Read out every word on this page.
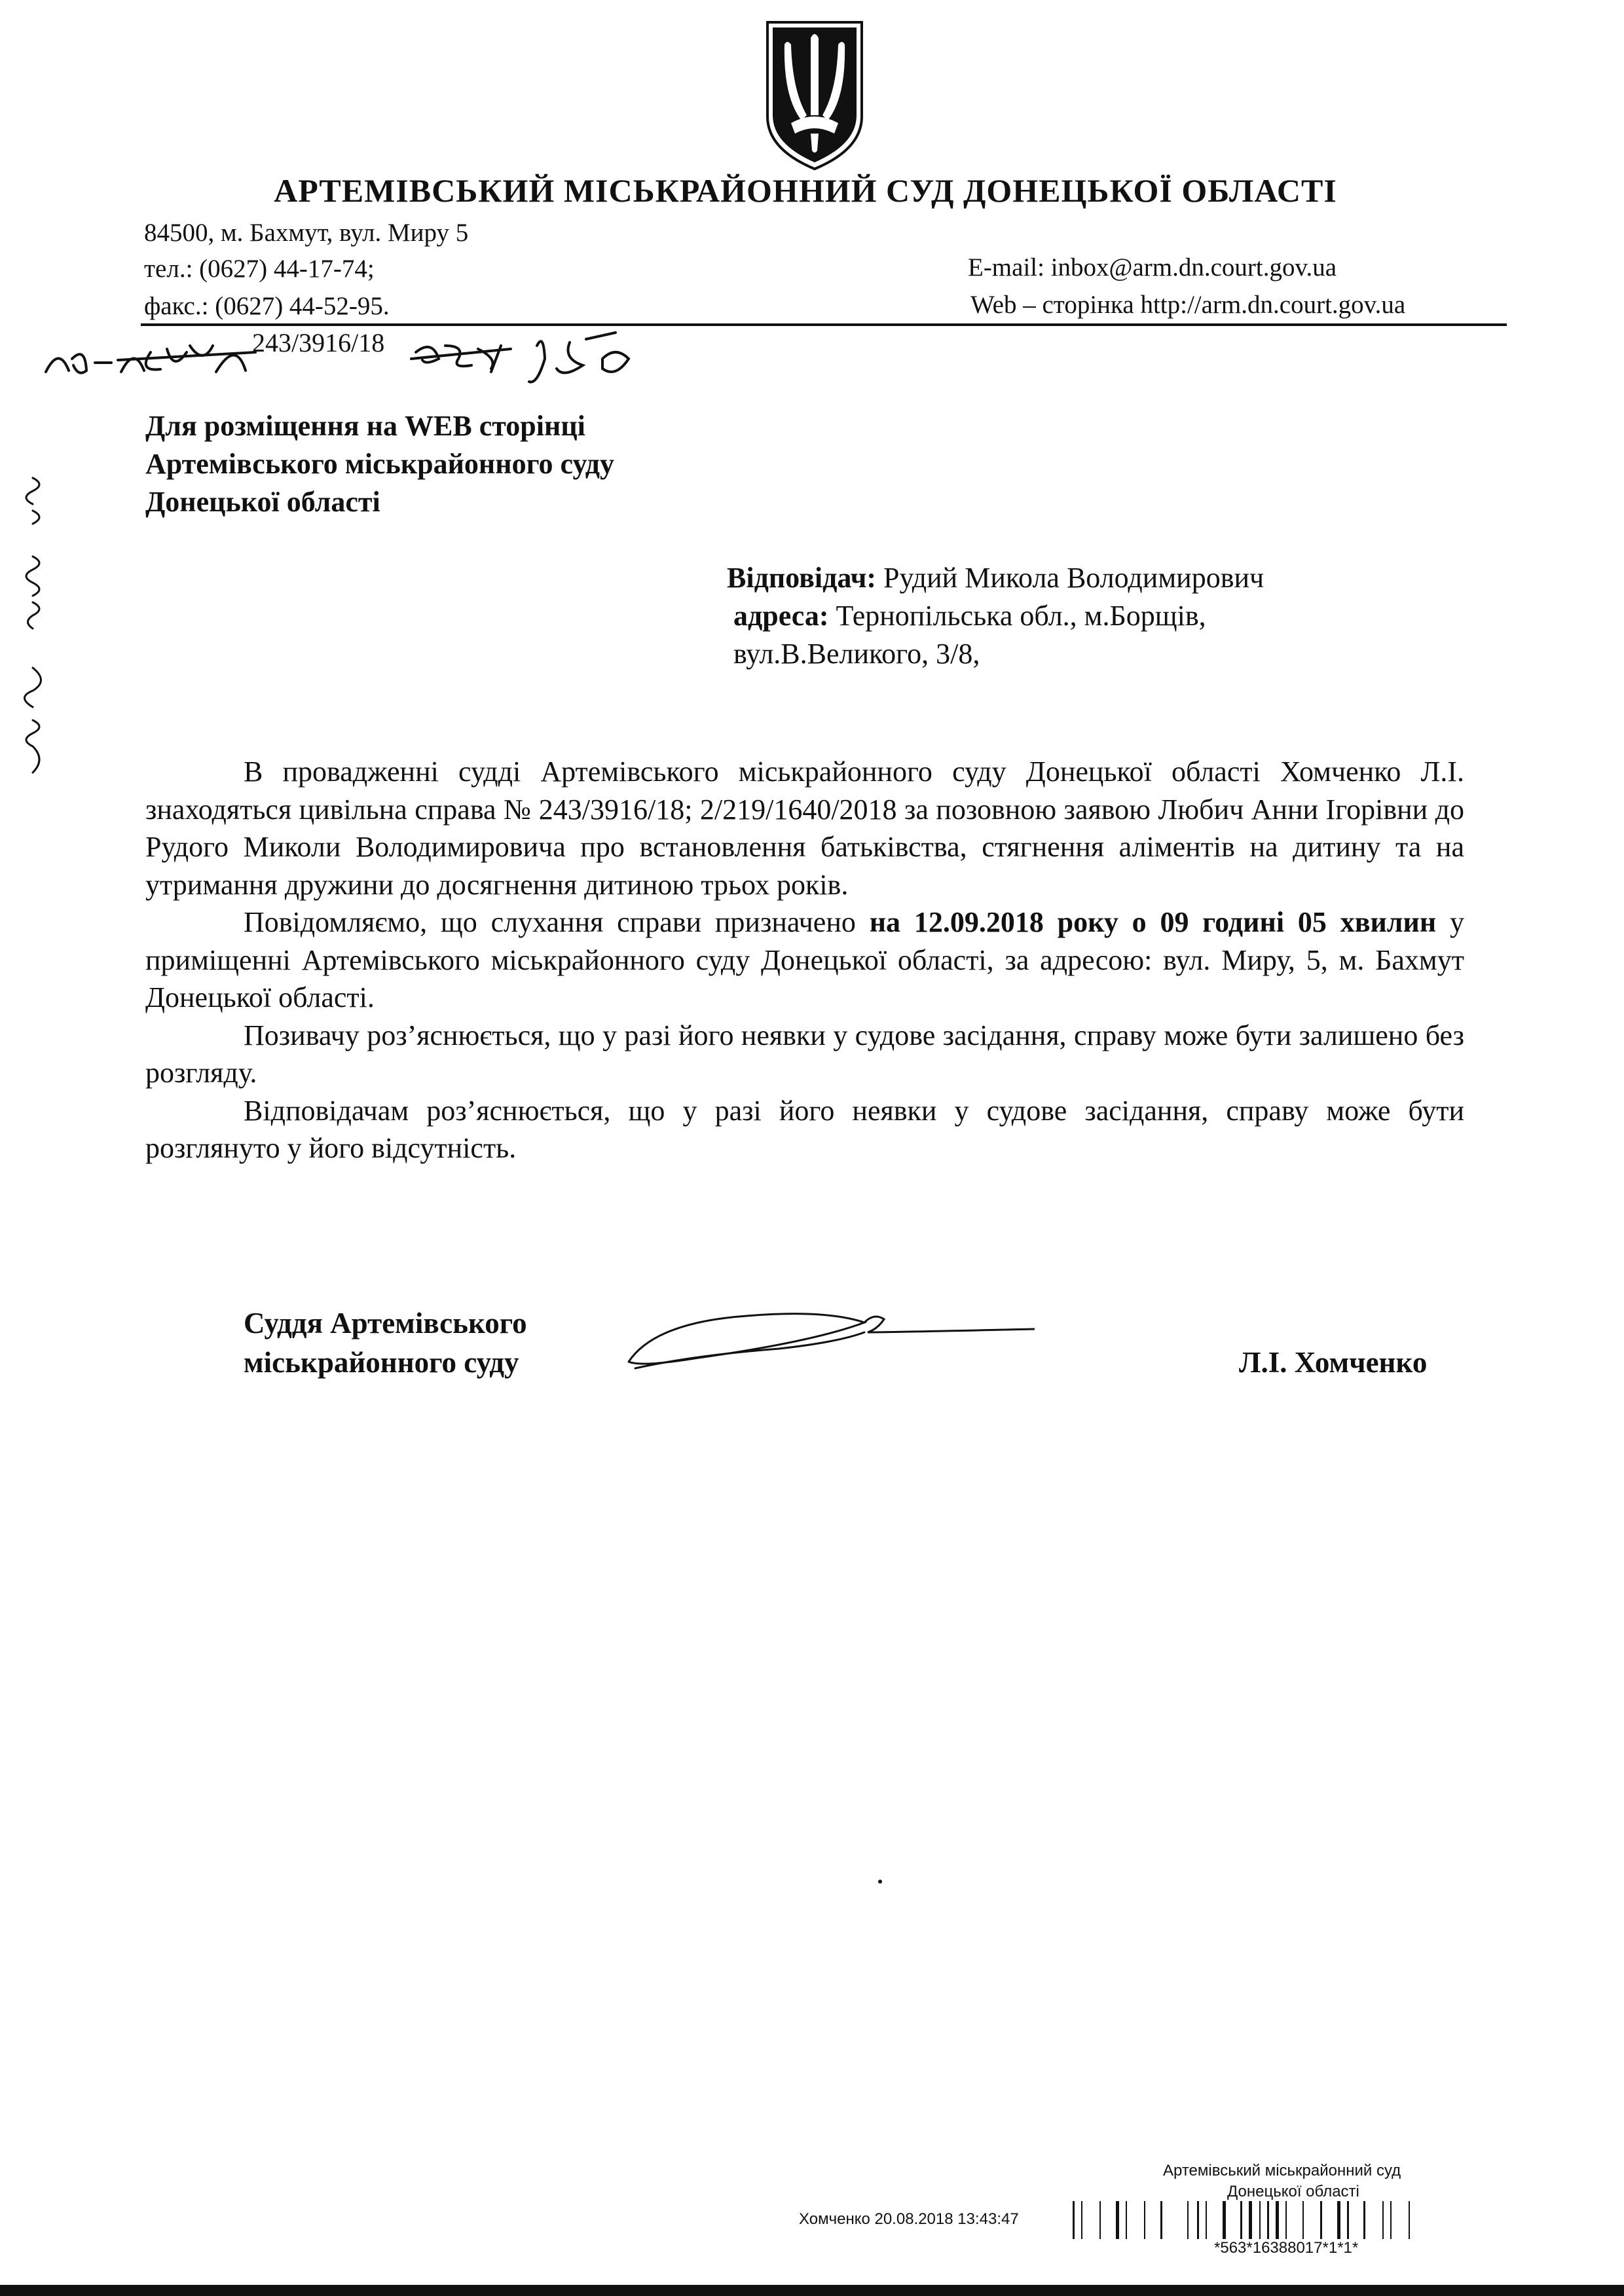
АРТЕМІВСЬКИЙ МІСЬКРАЙОННИЙ СУД ДОНЕЦЬКОЇ ОБЛАСТІ
84500, м. Бахмут, вул. Миру 5
тел.: (0627) 44-17-74;
факс.: (0627) 44-52-95.
E-mail: inbox@arm.dn.court.gov.ua
Web – сторінка http://arm.dn.court.gov.ua
243/3916/18
Для розміщення на WEB сторінці
Артемівського міськрайонного суду
Донецької області
Відповідач: Рудий Микола Володимирович
адреса: Тернопільська обл., м.Борщів,
вул.В.Великого, 3/8,

В провадженні судді Артемівського міськрайонного суду Донецької області Хомченко Л.І. знаходяться цивільна справа № 243/3916/18; 2/219/1640/2018 за позовною заявою Любич Анни Ігорівни до Рудого Миколи Володимировича про встановлення батьківства, стягнення аліментів на дитину та на утримання дружини до досягнення дитиною трьох років.

Повідомляємо, що слухання справи призначено на 12.09.2018 року о 09 годині 05 хвилин у приміщенні Артемівського міськрайонного суду Донецької області, за адресою: вул. Миру, 5, м. Бахмут Донецької області.

Позивачу роз’яснюється, що у разі його неявки у судове засідання, справу може бути залишено без розгляду.

Відповідачам роз’яснюється, що у разі його неявки у судове засідання, справу може бути розглянуто у його відсутність.

Суддя Артемівського
міськрайонного суду	Л.І. Хомченко
Артемівський міськрайонний суд
Донецької області
Хомченко 20.08.2018 13:43:47
*563*16388017*1*1*
